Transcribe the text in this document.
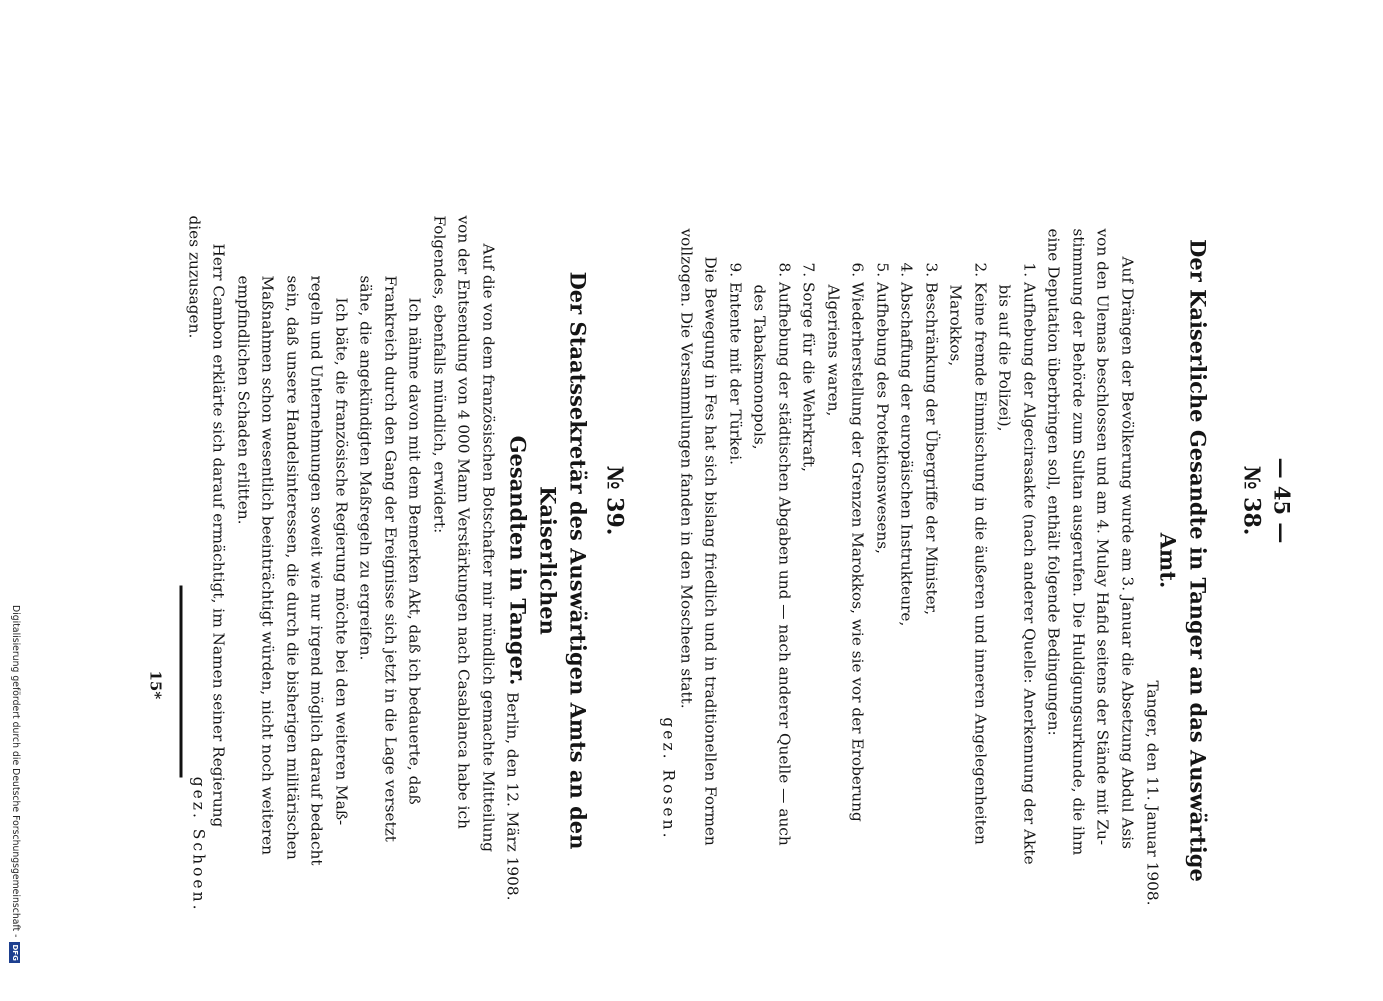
— 45 —
№ 38.
Der Kaiserliche Gesandte in Tanger an das Auswärtige Amt.
Tanger, den 11. Januar 1908.
Auf Drängen der Bevölkerung wurde am 3. Januar die Absetzung Abdul Asis
von den Ulemas beschlossen und am 4. Mulay Hafid seitens der Stände mit Zu-
stimmung der Behörde zum Sultan ausgerufen. Die Huldigungsurkunde, die ihm
eine Deputation überbringen soll, enthält folgende Bedingungen:
1. Aufhebung der Algecirasakte (nach anderer Quelle: Anerkennung der Akte
bis auf die Polizei),
2. Keine fremde Einmischung in die äußeren und inneren Angelegenheiten
Marokkos,
3. Beschränkung der Übergriffe der Minister,
4. Abschaffung der europäischen Instrukteure,
5. Aufhebung des Protektionswesens,
6. Wiederherstellung der Grenzen Marokkos, wie sie vor der Eroberung
Algeriens waren,
7. Sorge für die Wehrkraft,
8. Aufhebung der städtischen Abgaben und — nach anderer Quelle — auch
des Tabaksmonopols,
9. Entente mit der Türkei.
Die Bewegung in Fes hat sich bislang friedlich und in traditionellen Formen
vollzogen. Die Versammlungen fanden in den Moscheen statt.
gez. Rosen.
№ 39.
Der Staatssekretär des Auswärtigen Amts an den Kaiserlichen
Gesandten in Tanger.
Berlin, den 12. März 1908.
Auf die von dem französischen Botschafter mir mündlich gemachte Mitteilung
von der Entsendung von 4 000 Mann Verstärkungen nach Casablanca habe ich
Folgendes, ebenfalls mündlich, erwidert:
Ich nähme davon mit dem Bemerken Akt, daß ich bedauerte, daß
Frankreich durch den Gang der Ereignisse sich jetzt in die Lage versetzt
sähe, die angekündigten Maßregeln zu ergreifen.
Ich bäte, die französische Regierung möchte bei den weiteren Maß-
regeln und Unternehmungen soweit wie nur irgend möglich darauf bedacht
sein, daß unsere Handelsinteressen, die durch die bisherigen militärischen
Maßnahmen schon wesentlich beeinträchtigt würden, nicht noch weiteren
empfindlichen Schaden erlitten.
Herr Cambon erklärte sich darauf ermächtigt, im Namen seiner Regierung
dies zuzusagen.
gez. Schoen.
15*
Digitalisierung gefördert durch die Deutsche Forschungsgemeinschaft -
DFG
